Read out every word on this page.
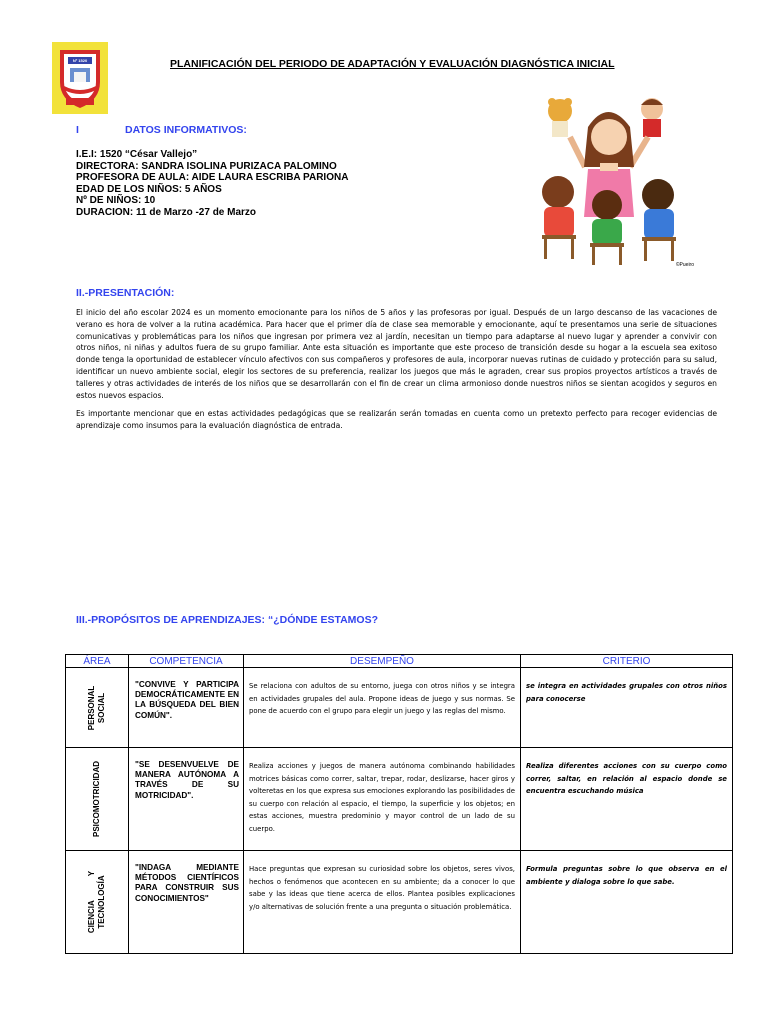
Nº 1520	PLANIFICACIÓN DEL PERIODO DE ADAPTACIÓN Y EVALUACIÓN DIAGNÓSTICA INICIAL
I	DATOS INFORMATIVOS:
I.E.I: 1520 “César Vallejo”
DIRECTORA: SANDRA ISOLINA PURIZACA PALOMINO
PROFESORA DE AULA: AIDE LAURA ESCRIBA PARIONA
EDAD DE LOS NIÑOS: 5 AÑOS
Nº DE NIÑOS: 10
DURACION: 11 de Marzo -27 de Marzo
©Pueiro
II.-PRESENTACIÓN:
El inicio del año escolar 2024 es un momento emocionante para los niños de 5 años y las profesoras por igual. Después de un largo descanso de las vacaciones de verano es hora de volver a la rutina académica. Para hacer que el primer día de clase sea memorable y emocionante, aquí te presentamos una serie de situaciones comunicativas y problemáticas para los niños que ingresan por primera vez al jardín, necesitan un tiempo para adaptarse al nuevo lugar y aprender a convivir con otros niños, ni niñas y adultos fuera de su grupo familiar. Ante esta situación es importante que este proceso de transición desde su hogar a la escuela sea exitoso donde tenga la oportunidad de establecer vínculo afectivos con sus compañeros y profesores de aula, incorporar nuevas rutinas de cuidado y protección para su salud, identificar un nuevo ambiente social, elegir los sectores de su preferencia, realizar los juegos que más le agraden, crear sus propios proyectos artísticos a través de talleres y otras actividades de interés de los niños que se desarrollarán con el fin de crear un clima armonioso donde nuestros niños se sientan acogidos y seguros en estos nuevos espacios.
Es importante mencionar que en estas actividades pedagógicas que se realizarán serán tomadas en cuenta como un pretexto perfecto para recoger evidencias de aprendizaje como insumos para la evaluación diagnóstica de entrada.
III.-PROPÓSITOS DE APRENDIZAJES: “¿DÓNDE ESTAMOS?
ÁREA	COMPETENCIA	DESEMPEÑO	CRITERIO

PERSONAL SOCIAL	"CONVIVE Y PARTICIPA DEMOCRÁTICAMENTE EN LA BÚSQUEDA DEL BIEN COMÚN".	Se relaciona con adultos de su entorno, juega con otros niños y se integra en actividades grupales del aula. Propone ideas de juego y sus normas. Se pone de acuerdo con el grupo para elegir un juego y las reglas del mismo.	se integra en actividades grupales con otros niños para conocerse

PSICOMOTRICIDAD	"SE DESENVUELVE DE MANERA AUTÓNOMA A TRAVÉS DE SU MOTRICIDAD".	Realiza acciones y juegos de manera autónoma combinando habilidades motrices básicas como correr, saltar, trepar, rodar, deslizarse, hacer giros y volteretas en los que expresa sus emociones explorando las posibilidades de su cuerpo con relación al espacio, el tiempo, la superficie y los objetos; en estas acciones, muestra predominio y mayor control de un lado de su cuerpo.	Realiza diferentes acciones con su cuerpo como correr, saltar, en relación al espacio donde se encuentra escuchando música

CIENCIA           Y TECNOLOGÍA	"INDAGA MEDIANTE MÉTODOS CIENTÍFICOS PARA CONSTRUIR SUS CONOCIMIENTOS"	Hace preguntas que expresan su curiosidad sobre los objetos, seres vivos, hechos o fenómenos que acontecen en su ambiente; da a conocer lo que sabe y las ideas que tiene acerca de ellos. Plantea posibles explicaciones y/o alternativas de solución frente a una pregunta o situación problemática.	Formula preguntas sobre lo que observa en el ambiente y dialoga sobre lo que sabe.
